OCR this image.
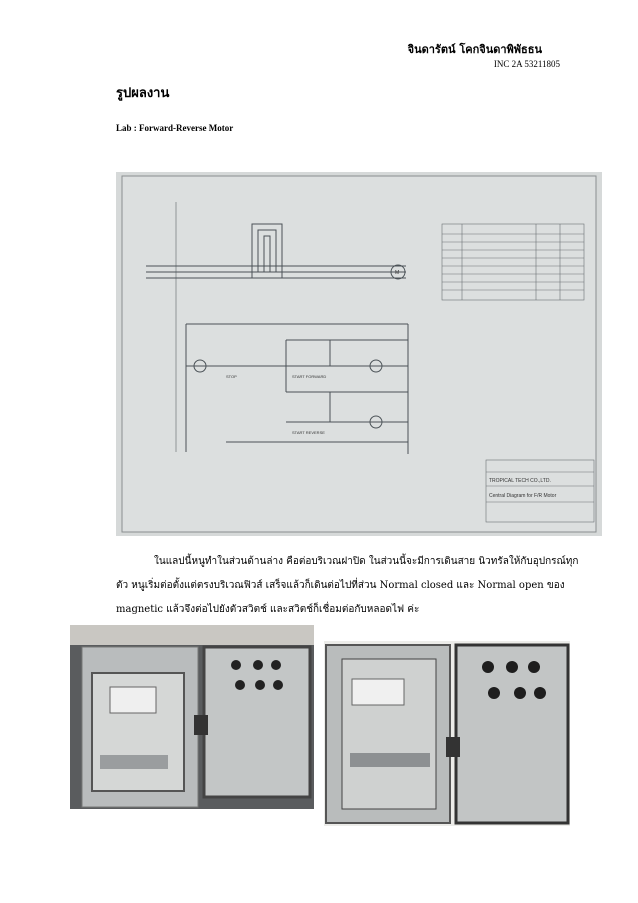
จินดารัตน์ โคกจินดาพิพัธธน
INC 2A 53211805
รูปผลงาน
Lab : Forward-Reverse Motor
TROPICAL TECH CO.,LTD.
Central Diagram for F/R Motor
START FORWARD
START REVERSE
STOP
M
ในแลปนี้หนูทำในส่วนด้านล่าง คือต่อบริเวณฝาปิด ในส่วนนี้จะมีการเดินสาย นิวทรัลให้กับอุปกรณ์ทุกตัว หนูเริ่มต่อตั้งแต่ตรงบริเวณฟิวส์ เสร็จแล้วก็เดินต่อไปที่ส่วน Normal closed และ Normal open ของ magnetic แล้วจึงต่อไปยังตัวสวิตช์ และสวิตช์ก็เชื่อมต่อกับหลอดไฟ ค่ะ
